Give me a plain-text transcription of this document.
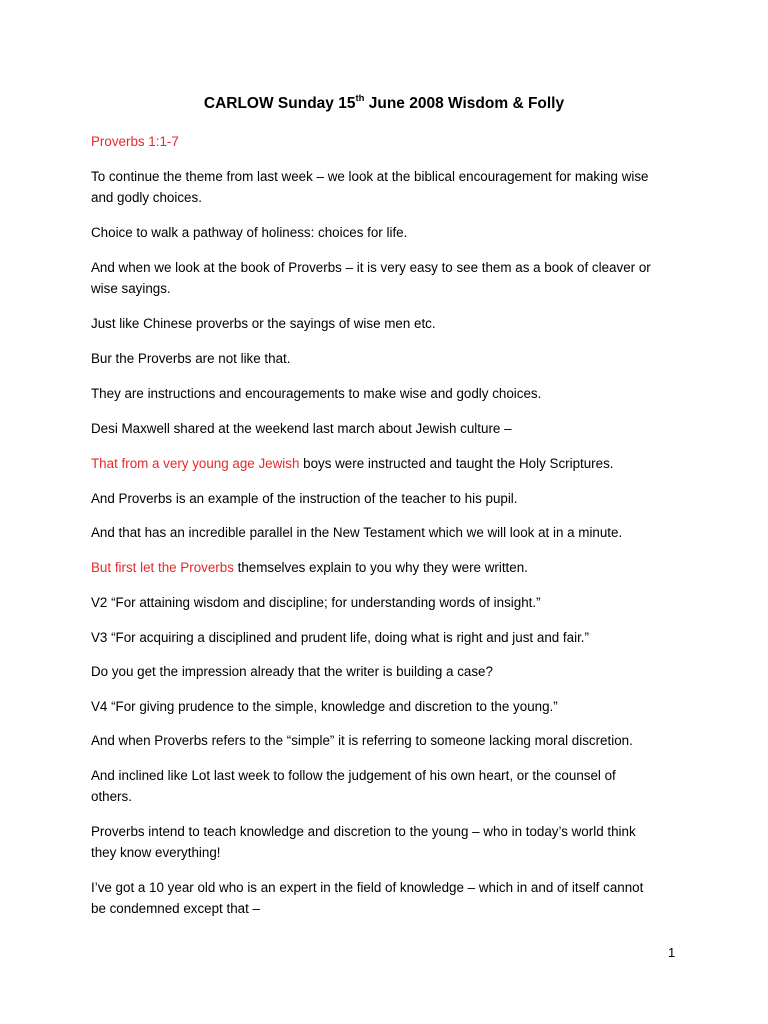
CARLOW Sunday 15th June 2008 Wisdom & Folly

Proverbs 1:1-7

To continue the theme from last week – we look at the biblical encouragement for making wise
and godly choices.

Choice to walk a pathway of holiness: choices for life.

And when we look at the book of Proverbs – it is very easy to see them as a book of cleaver or
wise sayings.

Just like Chinese proverbs or the sayings of wise men etc.

Bur the Proverbs are not like that.

They are instructions and encouragements to make wise and godly choices.

Desi Maxwell shared at the weekend last march about Jewish culture –

That from a very young age Jewish boys were instructed and taught the Holy Scriptures.

And Proverbs is an example of the instruction of the teacher to his pupil.

And that has an incredible parallel in the New Testament which we will look at in a minute.

But first let the Proverbs themselves explain to you why they were written.

V2 “For attaining wisdom and discipline; for understanding words of insight.”

V3 “For acquiring a disciplined and prudent life, doing what is right and just and fair.”

Do you get the impression already that the writer is building a case?

V4 “For giving prudence to the simple, knowledge and discretion to the young.”

And when Proverbs refers to the “simple” it is referring to someone lacking moral discretion.

And inclined like Lot last week to follow the judgement of his own heart, or the counsel of
others.

Proverbs intend to teach knowledge and discretion to the young – who in today’s world think
they know everything!

I’ve got a 10 year old who is an expert in the field of knowledge – which in and of itself cannot
be condemned except that –

1
